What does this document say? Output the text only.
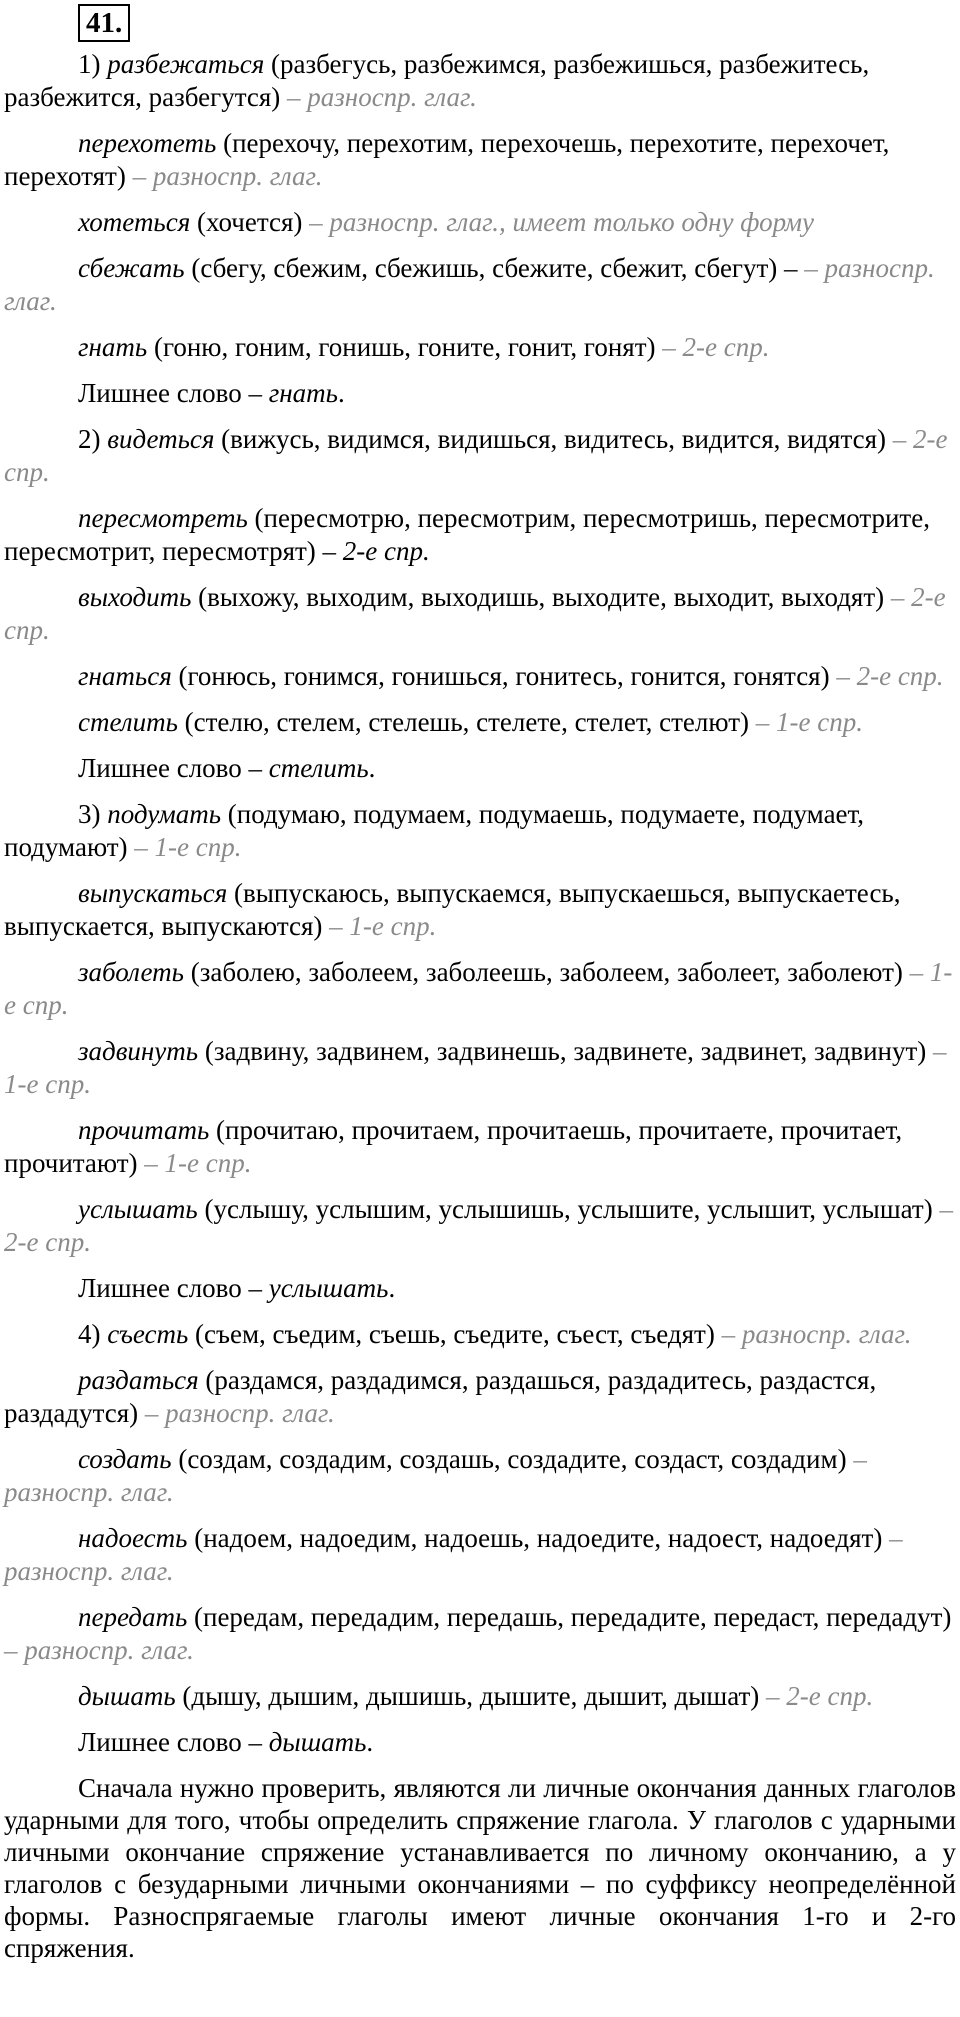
41.

1) разбежаться (разбегусь, разбежимся, разбежишься, разбежитесь, разбежится, разбегутся) – разноспр. глаг.

перехотеть (перехочу, перехотим, перехочешь, перехотите, перехочет, перехотят) – разноспр. глаг.

хотеться (хочется) – разноспр. глаг., имеет только одну форму

сбежать (сбегу, сбежим, сбежишь, сбежите, сбежит, сбегут) – – разноспр. глаг.

гнать (гоню, гоним, гонишь, гоните, гонит, гонят) – 2-е спр.

Лишнее слово – гнать.

2) видеться (вижусь, видимся, видишься, видитесь, видится, видятся) – 2-е спр.

пересмотреть (пересмотрю, пересмотрим, пересмотришь, пересмотрите, пересмотрит, пересмотрят) – 2-е спр.

выходить (выхожу, выходим, выходишь, выходите, выходит, выходят) – 2-е спр.

гнаться (гонюсь, гонимся, гонишься, гонитесь, гонится, гонятся) – 2-е спр.

стелить (стелю, стелем, стелешь, стелете, стелет, стелют) – 1-е спр.

Лишнее слово – стелить.

3) подумать (подумаю, подумаем, подумаешь, подумаете, подумает, подумают) – 1-е спр.

выпускаться (выпускаюсь, выпускаемся, выпускаешься, выпускаетесь, выпускается, выпускаются) – 1-е спр.

заболеть (заболею, заболеем, заболеешь, заболеем, заболеет, заболеют) – 1-е спр.

задвинуть (задвину, задвинем, задвинешь, задвинете, задвинет, задвинут) – 1-е спр.

прочитать (прочитаю, прочитаем, прочитаешь, прочитаете, прочитает, прочитают) – 1-е спр.

услышать (услышу, услышим, услышишь, услышите, услышит, услышат) – 2-е спр.

Лишнее слово – услышать.

4) съесть (съем, съедим, съешь, съедите, съест, съедят) – разноспр. глаг.

раздаться (раздамся, раздадимся, раздашься, раздадитесь, раздастся, раздадутся) – разноспр. глаг.

создать (создам, создадим, создашь, создадите, создаст, создадим) – разноспр. глаг.

надоесть (надоем, надоедим, надоешь, надоедите, надоест, надоедят) – разноспр. глаг.

передать (передам, передадим, передашь, передадите, передаст, передадут) – разноспр. глаг.

дышать (дышу, дышим, дышишь, дышите, дышит, дышат) – 2-е спр.

Лишнее слово – дышать.

Сначала нужно проверить, являются ли личные окончания данных глаголов ударными для того, чтобы определить спряжение глагола. У глаголов с ударными личными окончание спряжение устанавливается по личному окончанию, а у глаголов с безударными личными окончаниями – по суффиксу неопределённой формы. Разноспрягаемые глаголы имеют личные окончания 1-го и 2-го спряжения.
